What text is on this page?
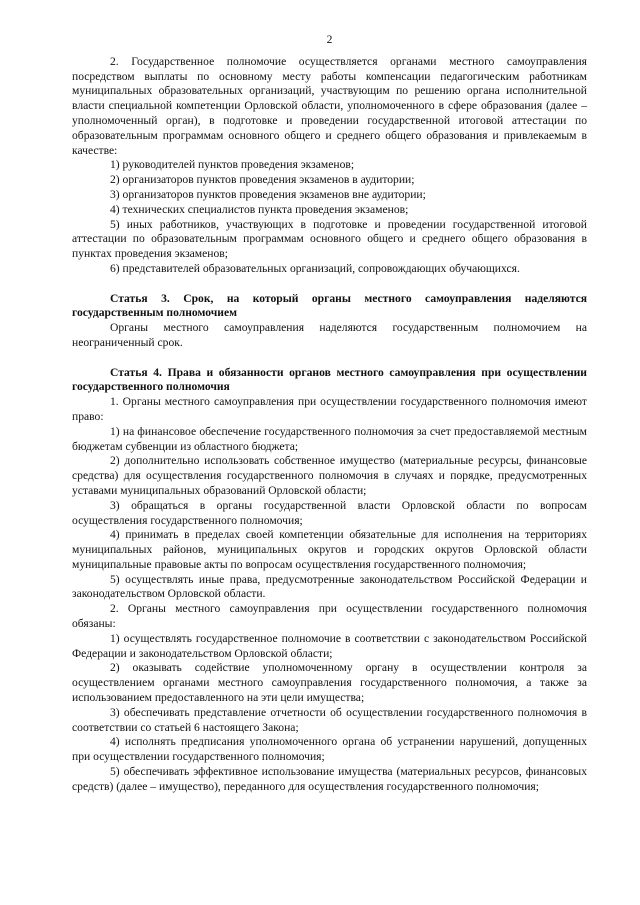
2

2. Государственное полномочие осуществляется органами местного самоуправления посредством выплаты по основному месту работы компенсации педагогическим работникам муниципальных образовательных организаций, участвующим по решению органа исполнительной власти специальной компетенции Орловской области, уполномоченного в сфере образования (далее – уполномоченный орган), в подготовке и проведении государственной итоговой аттестации по образовательным программам основного общего и среднего общего образования и привлекаемым в качестве:

1) руководителей пунктов проведения экзаменов;

2) организаторов пунктов проведения экзаменов в аудитории;

3) организаторов пунктов проведения экзаменов вне аудитории;

4) технических специалистов пункта проведения экзаменов;

5) иных работников, участвующих в подготовке и проведении государственной итоговой аттестации по образовательным программам основного общего и среднего общего образования в пунктах проведения экзаменов;

6) представителей образовательных организаций, сопровождающих обучающихся.

Статья 3. Срок, на который органы местного самоуправления наделяются государственным полномочием

Органы местного самоуправления наделяются государственным полномочием на неограниченный срок.

Статья 4. Права и обязанности органов местного самоуправления при осуществлении государственного полномочия

1. Органы местного самоуправления при осуществлении государственного полномочия имеют право:

1) на финансовое обеспечение государственного полномочия за счет предоставляемой местным бюджетам субвенции из областного бюджета;

2) дополнительно использовать собственное имущество (материальные ресурсы, финансовые средства) для осуществления государственного полномочия в случаях и порядке, предусмотренных уставами муниципальных образований Орловской области;

3) обращаться в органы государственной власти Орловской области по вопросам осуществления государственного полномочия;

4) принимать в пределах своей компетенции обязательные для исполнения на территориях муниципальных районов, муниципальных округов и городских округов Орловской области муниципальные правовые акты по вопросам осуществления государственного полномочия;

5) осуществлять иные права, предусмотренные законодательством Российской Федерации и законодательством Орловской области.

2. Органы местного самоуправления при осуществлении государственного полномочия обязаны:

1) осуществлять государственное полномочие в соответствии с законодательством Российской Федерации и законодательством Орловской области;

2) оказывать содействие уполномоченному органу в осуществлении контроля за осуществлением органами местного самоуправления государственного полномочия, а также за использованием предоставленного на эти цели имущества;

3) обеспечивать представление отчетности об осуществлении государственного полномочия в соответствии со статьей 6 настоящего Закона;

4) исполнять предписания уполномоченного органа об устранении нарушений, допущенных при осуществлении государственного полномочия;

5) обеспечивать эффективное использование имущества (материальных ресурсов, финансовых средств) (далее – имущество), переданного для осуществления государственного полномочия;
